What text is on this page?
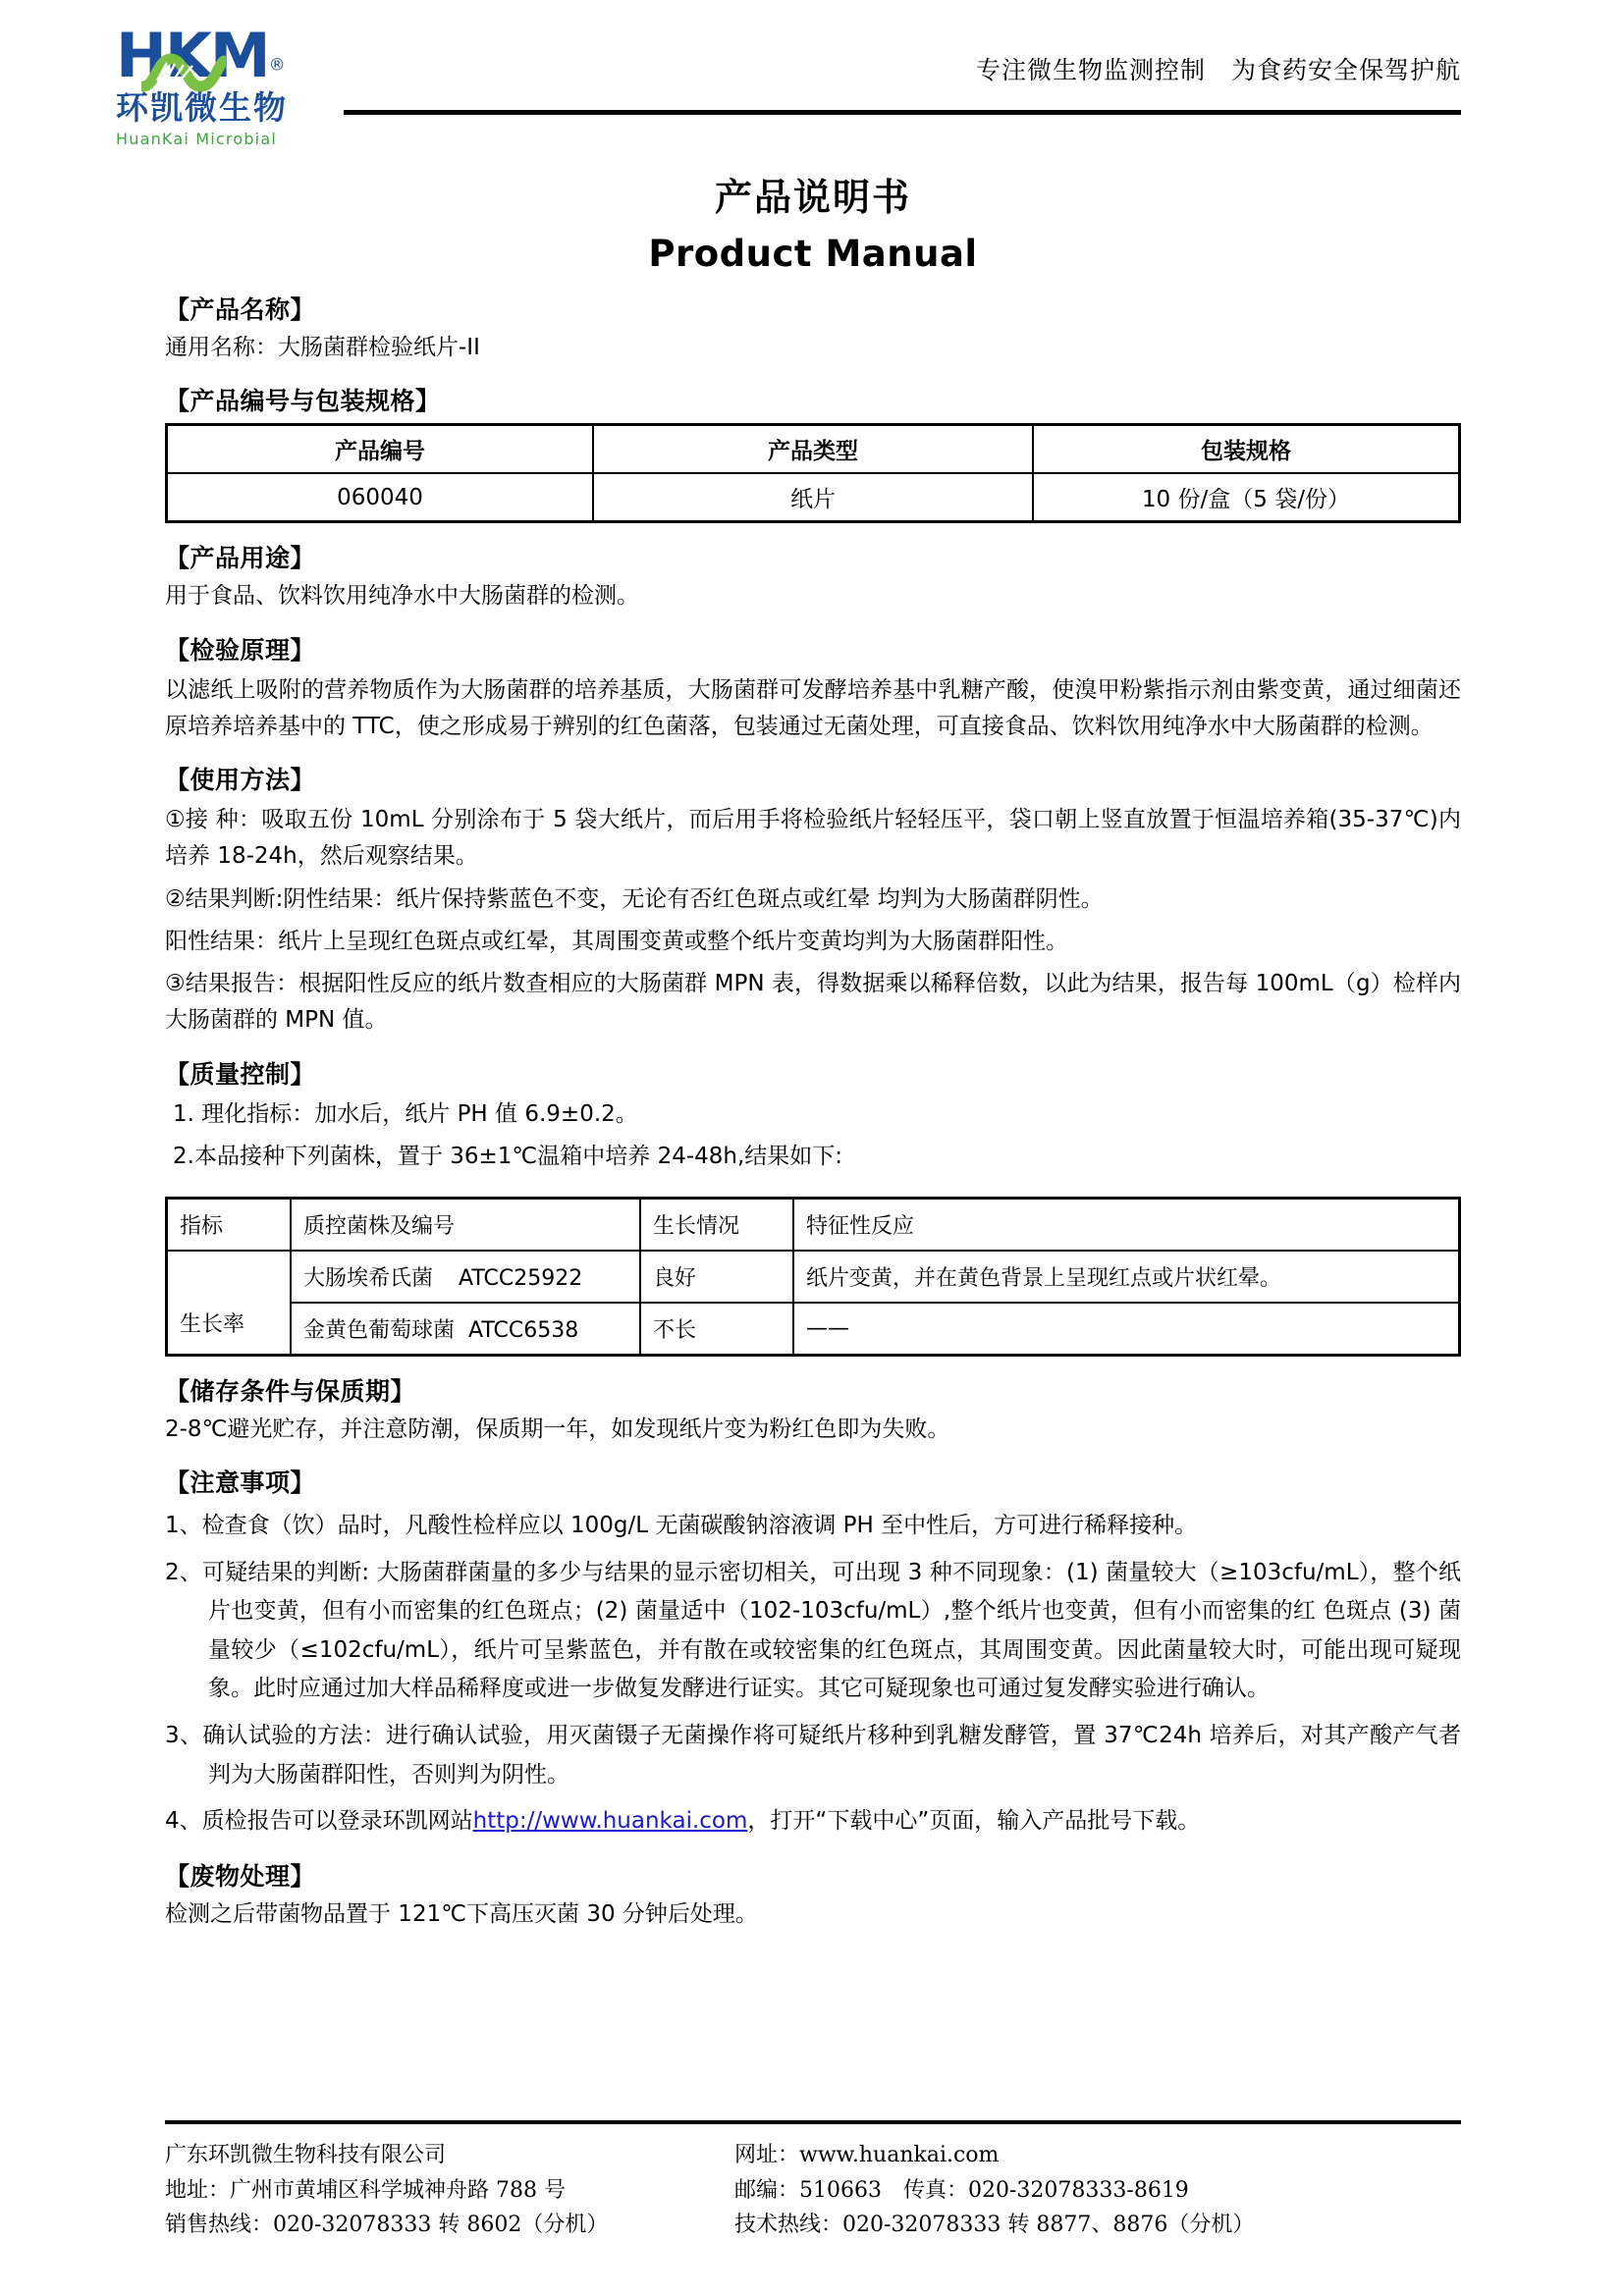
HKM®
环凯微生物
HuanKai Microbial
专注微生物监测控制 为食药安全保驾护航
产品说明书
Product Manual
【产品名称】
通用名称：大肠菌群检验纸片-II
【产品编号与包装规格】
产品编号	产品类型	包装规格
060040	纸片	10 份/盒（5 袋/份）
【产品用途】
用于食品、饮料饮用纯净水中大肠菌群的检测。
【检验原理】
以滤纸上吸附的营养物质作为大肠菌群的培养基质，大肠菌群可发酵培养基中乳糖产酸，使溴甲粉紫指示剂由紫变黄，通过细菌还原培养培养基中的 TTC，使之形成易于辨别的红色菌落，包装通过无菌处理，可直接食品、饮料饮用纯净水中大肠菌群的检测。
【使用方法】
①接 种：吸取五份 10mL 分别涂布于 5 袋大纸片，而后用手将检验纸片轻轻压平，袋口朝上竖直放置于恒温培养箱(35-37℃)内培养 18-24h，然后观察结果。
②结果判断:阴性结果：纸片保持紫蓝色不变，无论有否红色斑点或红晕 均判为大肠菌群阴性。
阳性结果：纸片上呈现红色斑点或红晕，其周围变黄或整个纸片变黄均判为大肠菌群阳性。
③结果报告：根据阳性反应的纸片数查相应的大肠菌群 MPN 表，得数据乘以稀释倍数，以此为结果，报告每 100mL（g）检样内大肠菌群的 MPN 值。
【质量控制】
1. 理化指标：加水后，纸片 PH 值 6.9±0.2。
2.本品接种下列菌株，置于 36±1℃温箱中培养 24-48h,结果如下:
指标	质控菌株及编号	生长情况	特征性反应
生长率	大肠埃希氏菌 ATCC25922	良好	纸片变黄，并在黄色背景上呈现红点或片状红晕。
	金黄色葡萄球菌 ATCC6538	不长	——
【储存条件与保质期】
2-8℃避光贮存，并注意防潮，保质期一年，如发现纸片变为粉红色即为失败。
【注意事项】
1、检查食（饮）品时，凡酸性检样应以 100g/L 无菌碳酸钠溶液调 PH 至中性后，方可进行稀释接种。
2、可疑结果的判断: 大肠菌群菌量的多少与结果的显示密切相关，可出现 3 种不同现象：(1) 菌量较大（≥103cfu/mL），整个纸片也变黄，但有小而密集的红色斑点；(2) 菌量适中（102-103cfu/mL）,整个纸片也变黄，但有小而密集的红 色斑点 (3) 菌量较少（≤102cfu/mL），纸片可呈紫蓝色，并有散在或较密集的红色斑点，其周围变黄。因此菌量较大时，可能出现可疑现象。此时应通过加大样品稀释度或进一步做复发酵进行证实。其它可疑现象也可通过复发酵实验进行确认。
3、确认试验的方法：进行确认试验，用灭菌镊子无菌操作将可疑纸片移种到乳糖发酵管，置 37℃24h 培养后，对其产酸产气者判为大肠菌群阳性，否则判为阴性。
4、质检报告可以登录环凯网站http://www.huankai.com，打开“下载中心”页面，输入产品批号下载。
【废物处理】
检测之后带菌物品置于 121℃下高压灭菌 30 分钟后处理。
广东环凯微生物科技有限公司
地址：广州市黄埔区科学城神舟路 788 号
销售热线：020-32078333 转 8602（分机）
网址：www.huankai.com
邮编：510663 传真：020-32078333-8619
技术热线：020-32078333 转 8877、8876（分机）
